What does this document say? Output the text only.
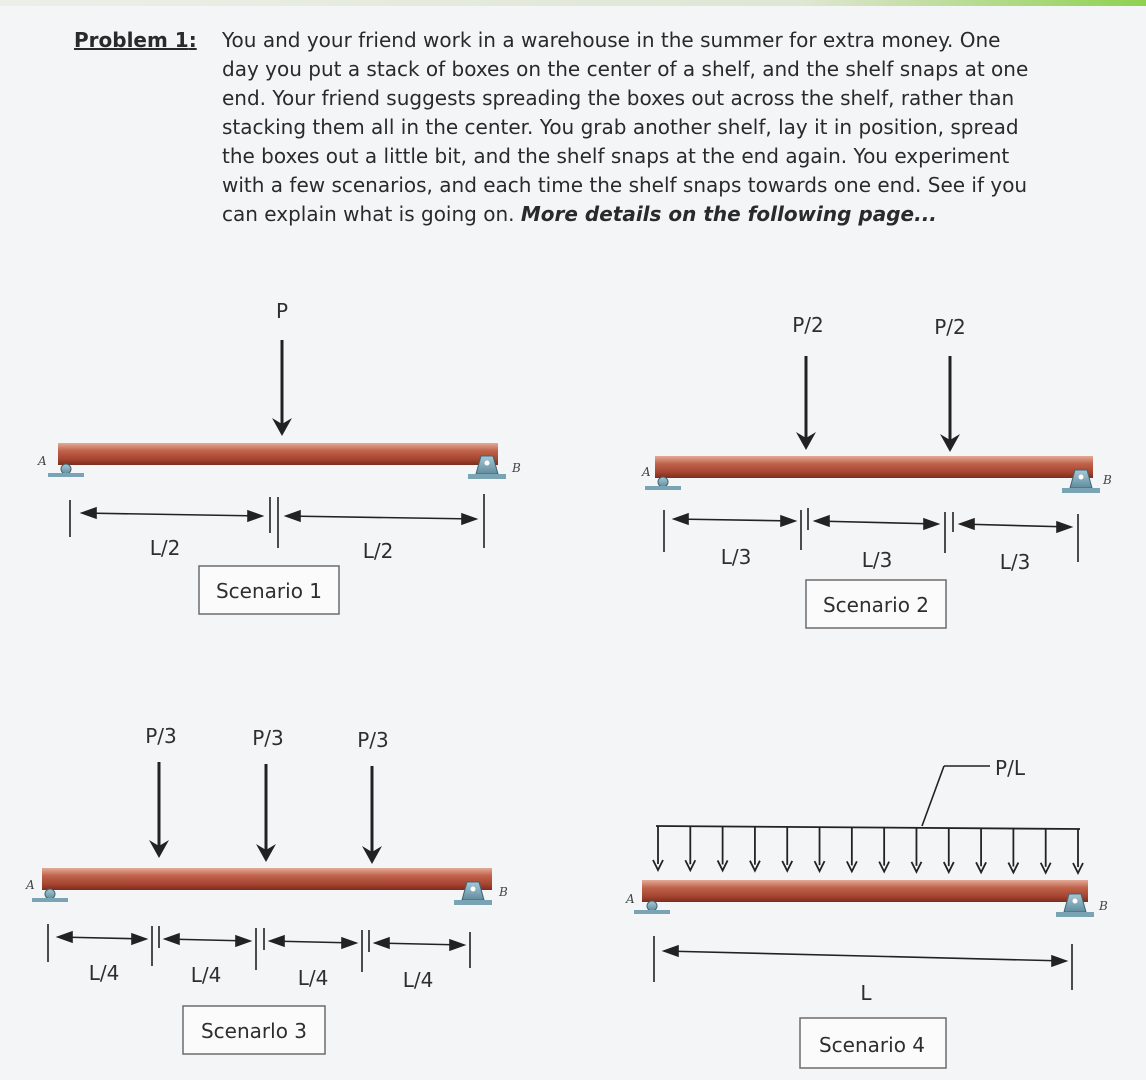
Problem 1: You and your friend work in a warehouse in the summer for extra money. One
day you put a stack of boxes on the center of a shelf, and the shelf snaps at one
end. Your friend suggests spreading the boxes out across the shelf, rather than
stacking them all in the center. You grab another shelf, lay it in position, spread
the boxes out a little bit, and the shelf snaps at the end again. You experiment
with a few scenarios, and each time the shelf snaps towards one end. See if you
can explain what is going on. More details on the following page...
P
A	B
L/2	L/2
Scenario 1
P/2	P/2
A
B
L/3	L/3	L/3
Scenario 2
P/3	P/3	P/3
A	B
L/4	L/4	L/4	L/4
Scenarlo 3
P/L
A	B
L
Scenario 4
